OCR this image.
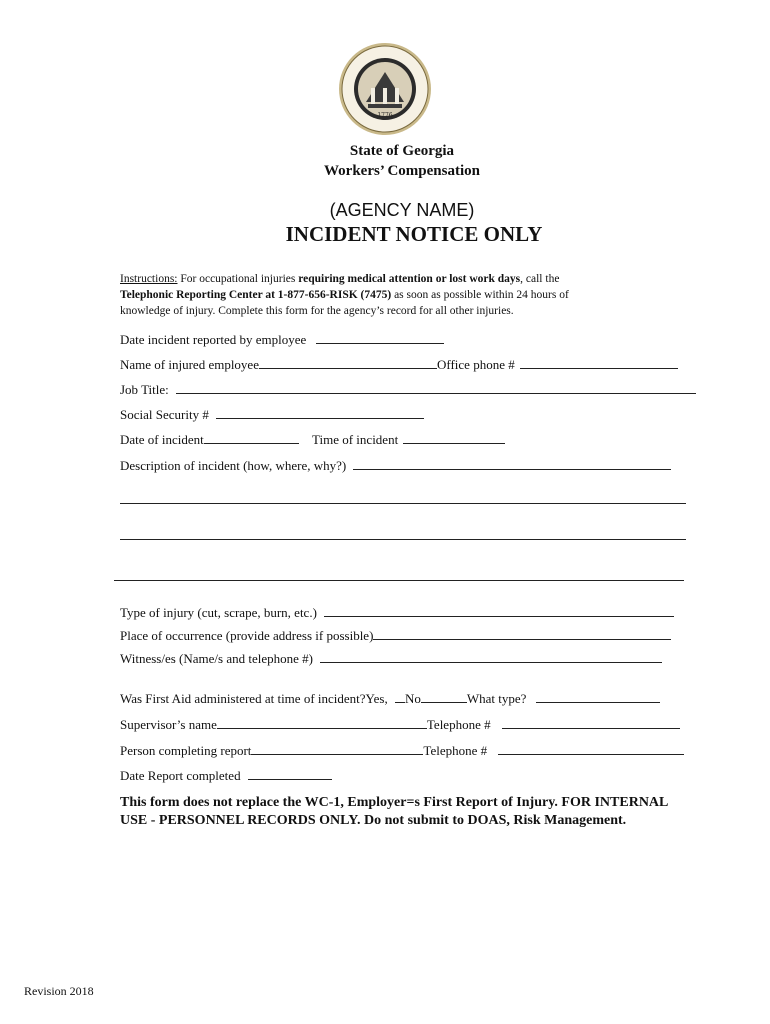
1776
State of Georgia
Workers’ Compensation
(AGENCY NAME)
INCIDENT NOTICE ONLY
Instructions: For occupational injuries requiring medical attention or lost work days, call the
Telephonic Reporting Center at 1-877-656-RISK (7475) as soon as possible within 24 hours of
knowledge of injury. Complete this form for the agency’s record for all other injuries.
Date incident reported by employee
Name of injured employee	Office phone #
Job Title:
Social Security #
Date of incident	Time of incident
Description of incident (how, where, why?)
Type of injury (cut, scrape, burn, etc.)
Place of occurrence (provide address if possible)
Witness/es (Name/s and telephone #)
Was First Aid administered at time of incident?Yes, No	What type?
Supervisor’s name	Telephone #
Person completing report	Telephone #
Date Report completed
This form does not replace the WC-1, Employer=s First Report of Injury. FOR INTERNAL USE - PERSONNEL RECORDS ONLY. Do not submit to DOAS, Risk Management.
Revision 2018
